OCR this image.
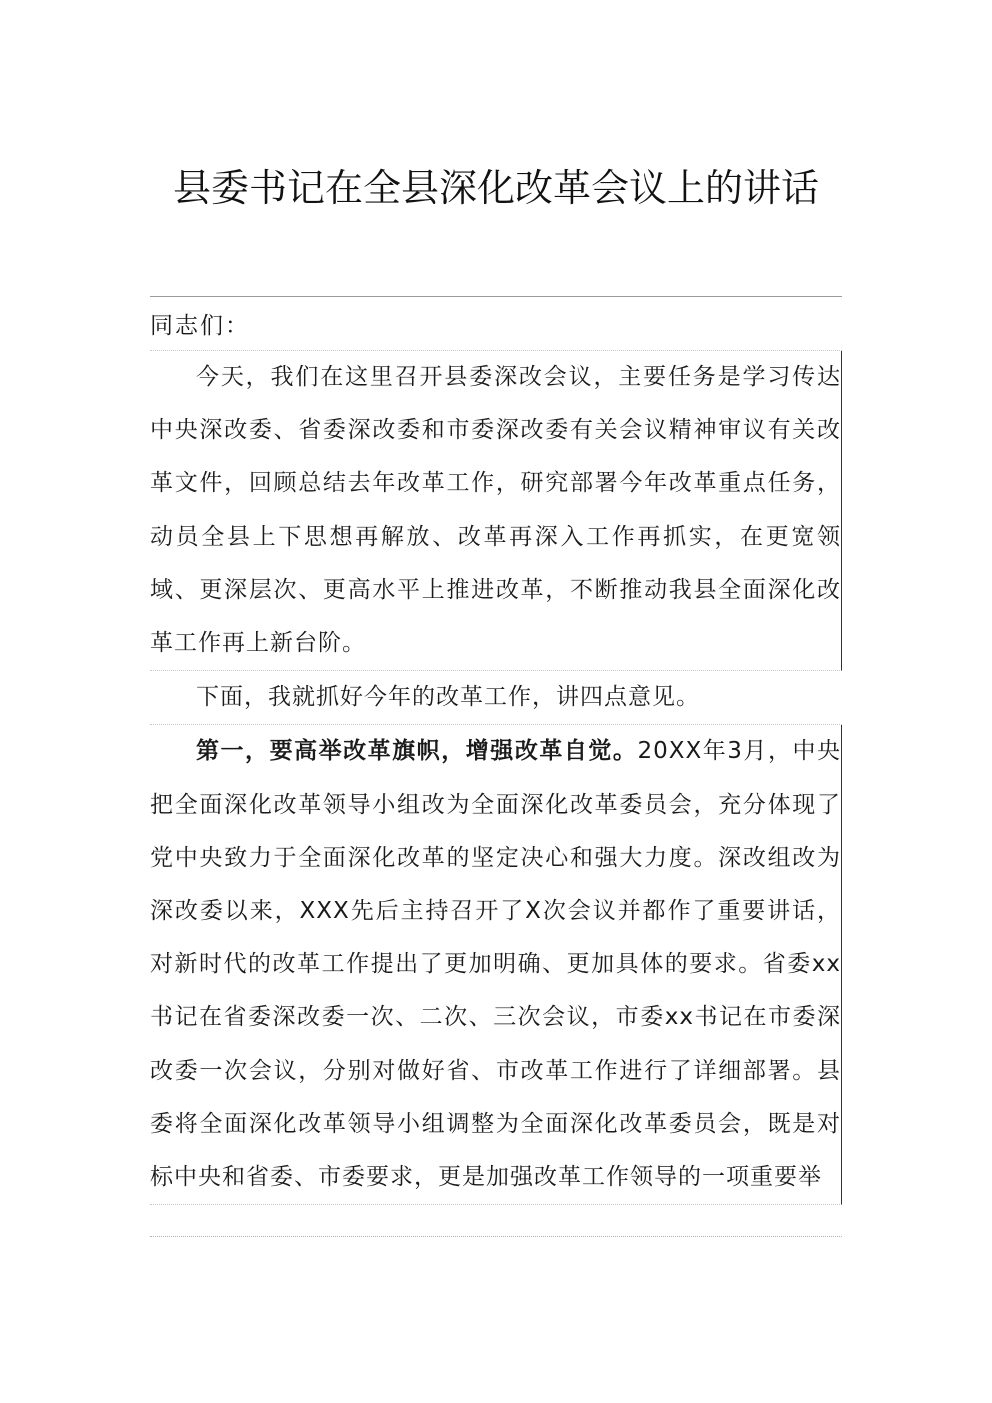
县委书记在全县深化改革会议上的讲话

同志们：

今天，我们在这里召开县委深改会议，主要任务是学习传达中央深改委、省委深改委和市委深改委有关会议精神审议有关改革文件，回顾总结去年改革工作，研究部署今年改革重点任务，动员全县上下思想再解放、改革再深入工作再抓实，在更宽领域、更深层次、更高水平上推进改革，不断推动我县全面深化改革工作再上新台阶。

下面，我就抓好今年的改革工作，讲四点意见。

第一，要高举改革旗帜，增强改革自觉。20XX年3月，中央把全面深化改革领导小组改为全面深化改革委员会，充分体现了党中央致力于全面深化改革的坚定决心和强大力度。深改组改为深改委以来，XXX先后主持召开了X次会议并都作了重要讲话，对新时代的改革工作提出了更加明确、更加具体的要求。省委xx书记在省委深改委一次、二次、三次会议，市委xx书记在市委深改委一次会议，分别对做好省、市改革工作进行了详细部署。县委将全面深化改革领导小组调整为全面深化改革委员会，既是对标中央和省委、市委要求，更是加强改革工作领导的一项重要举
